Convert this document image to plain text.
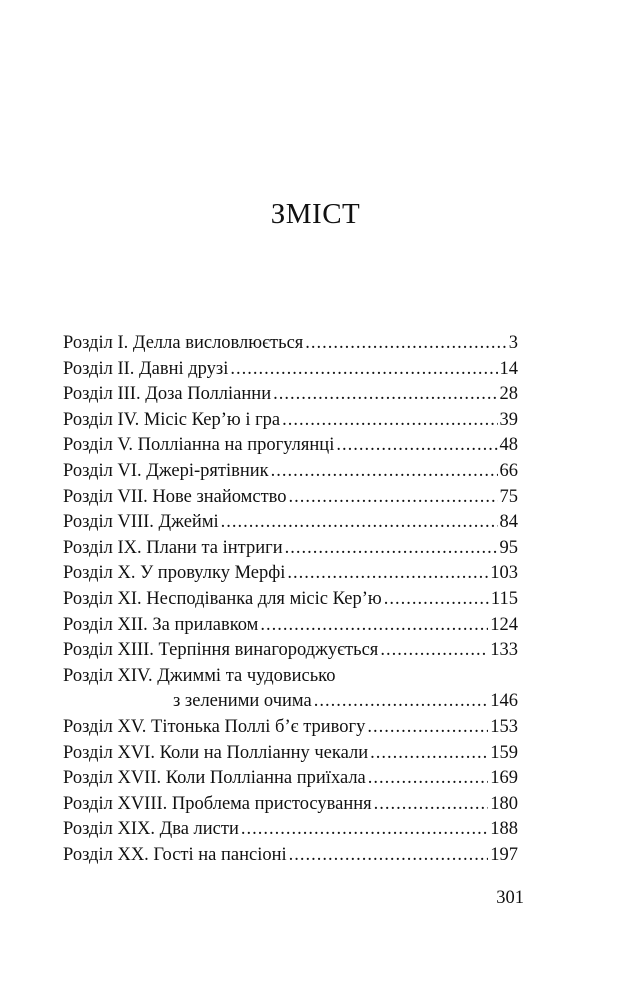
ЗМІСТ
Розділ I. Делла висловлюється .....	3
Розділ II. Давні друзі .....	14
Розділ III. Доза Поллiанни .....	28
Розділ IV. Місіс Кер’ю і гра .....	39
Розділ V. Поллiанна на прогулянці .....	48
Розділ VI. Джері-рятівник .....	66
Розділ VII. Нове знайомство .....	75
Розділ VIII. Джеймі .....	84
Розділ IX. Плани та інтриги .....	95
Розділ X. У провулку Мерфі .....	103
Розділ XI. Несподіванка для місіс Кер’ю .....	115
Розділ XII. За прилавком .....	124
Розділ XIII. Терпіння винагороджується .....	133
Розділ XIV. Джиммі та чудовисько
з зеленими очима .....	146
Розділ XV. Тітонька Поллі б’є тривогу .....	153
Розділ XVI. Коли на Поллiанну чекали .....	159
Розділ XVII. Коли Поллiанна приїхала .....	169
Розділ XVIII. Проблема пристосування .....	180
Розділ XIX. Два листи .....	188
Розділ XX. Гості на пансіоні .....	197
301
